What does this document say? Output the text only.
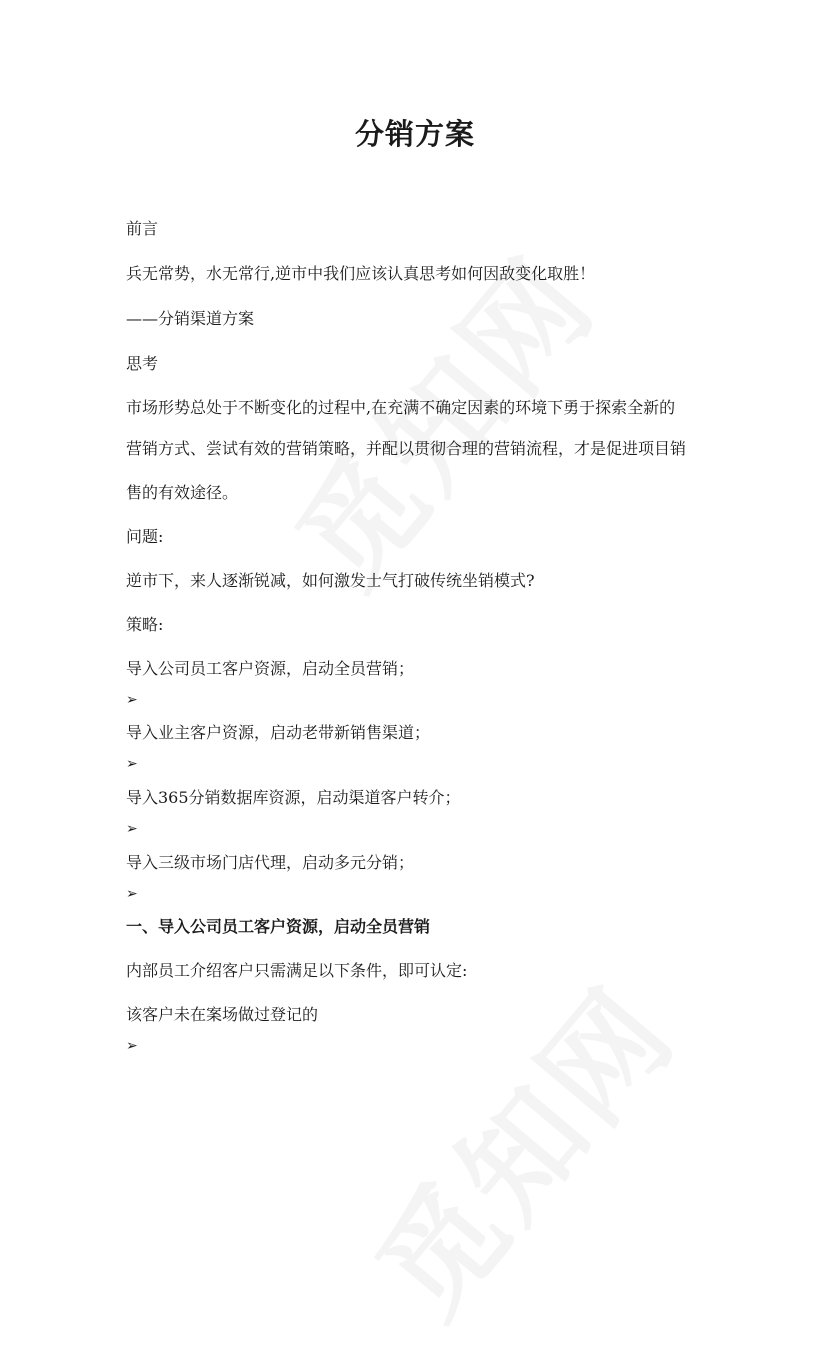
分销方案
前言
兵无常势，水无常行,逆市中我们应该认真思考如何因敌变化取胜！
——分销渠道方案
思考
市场形势总处于不断变化的过程中,在充满不确定因素的环境下勇于探索全新的
营销方式、尝试有效的营销策略，并配以贯彻合理的营销流程，才是促进项目销
售的有效途径。
问题:
逆市下，来人逐渐锐减，如何激发士气打破传统坐销模式?
策略:
导入公司员工客户资源，启动全员营销；
➢
导入业主客户资源，启动老带新销售渠道；
➢
导入365分销数据库资源，启动渠道客户转介；
➢
导入三级市场门店代理，启动多元分销；
➢
一、导入公司员工客户资源，启动全员营销
内部员工介绍客户只需满足以下条件，即可认定:
该客户未在案场做过登记的
➢
